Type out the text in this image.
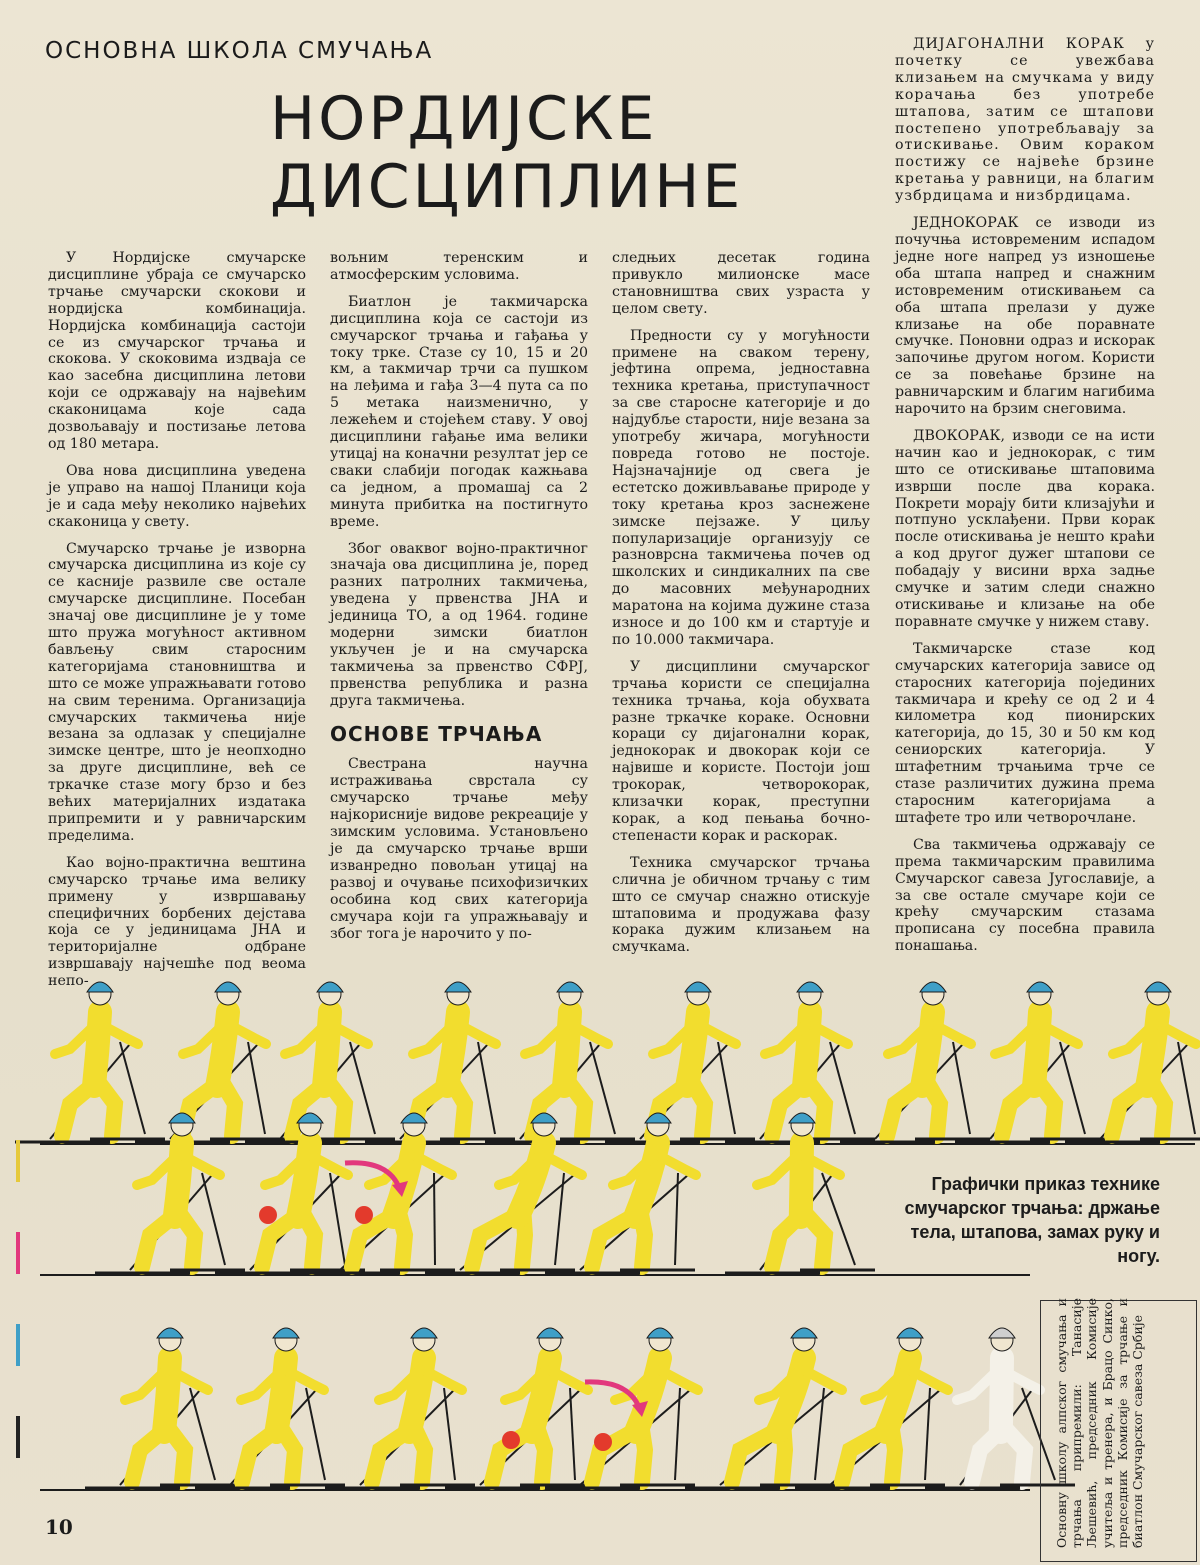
ОСНОВНА ШКОЛА СМУЧАЊА
НОРДИЈСКЕ
ДИСЦИПЛИНЕ

У Нордијске смучарске дисциплине убраја се смучарско трчање смучарски скокови и нордијска комбинација. Нордијска комбинација састоји се из смучарског трчања и скокова. У скоковима издваја се као засебна дисциплина летови који се одржавају на највећим скаконицама које сада дозвољавају и постизање летова од 180 метара.

Ова нова дисциплина уведена је управо на нашој Планици која је и сада међу неколико највећих скаконица у свету.

Смучарско трчање је изворна смучарска дисциплина из које су се касније развиле све остале смучарске дисциплине. Посебан значај ове дисциплине је у томе што пружа могућност активном бављењу свим старосним категоријама становништва и што се може упражњавати готово на свим теренима. Организација смучарских такмичења није везана за одлазак у специјалне зимске центре, што је неопходно за друге дисциплине, већ се тркачке стазе могу брзо и без већих материјалних издатака припремити и у равничарским пределима.

Као војно-практична вештина смучарско трчање има велику примену у извршавању специфичних борбених дејстава која се у јединицама ЈНА и територијалне одбране извршавају најчешће под веома непо-

вољним теренским и атмосферским условима.

Биатлон је такмичарска дисциплина која се састоји из смучарског трчања и гађања у току трке. Стазе су 10, 15 и 20 км, а такмичар трчи са пушком на леђима и гађа 3—4 пута са по 5 метака наизменично, у лежећем и стојећем ставу. У овој дисциплини гађање има велики утицај на коначни резултат јер се сваки слабији погодак кажњава са једном, а промашај са 2 минута прибитка на постигнуто време.

Због оваквог војно-практичног значаја ова дисциплина је, поред разних патролних такмичења, уведена у првенства ЈНА и јединица ТО, а од 1964. године модерни зимски биатлон укључен је и на смучарска такмичења за првенство СФРЈ, првенства република и разна друга такмичења.

ОСНОВЕ ТРЧАЊА

Свестрана научна истраживања сврстала су смучарско трчање међу најкорисније видове рекреације у зимским условима. Установљено је да смучарско трчање врши изванредно повољан утицај на развој и очување психофизичких особина код свих категорија смучара који га упражњавају и због тога је нарочито у по-

следњих десетак година привукло милионске масе становништва свих узраста у целом свету.

Предности су у могућности примене на сваком терену, јефтина опрема, једноставна техника кретања, приступачност за све старосне категорије и до најдубље старости, није везана за употребу жичара, могућности повреда готово не постоје. Најзначајније од свега је естетско доживљавање природе у току кретања кроз заснежене зимске пејзаже. У циљу популаризације организују се разноврсна такмичења почев од школских и синдикалних па све до масовних међународних маратона на којима дужине стаза износе и до 100 км и стартује и по 10.000 такмичара.

У дисциплини смучарског трчања користи се специјална техника трчања, која обухвата разне тркачке кораке. Основни кораци су дијагонални корак, једнокорак и двокорак који се највише и користе. Постоји још трокорак, четворокорак, клизачки корак, преступни корак, а код пењања бочно-степенасти корак и раскорак.

Техника смучарског трчања слична је обичном трчању с тим што се смучар снажно отискује штаповима и продужава фазу корака дужим клизањем на смучкама.

ДИЈАГОНАЛНИ КОРАК у почетку се увежбава клизањем на смучкама у виду корачања без употребе штапова, затим се штапови постепено употребљавају за отискивање. Овим кораком постижу се највеће брзине кретања у равници, на благим узбрдицама и низбрдицама.

ЈЕДНОКОРАК се изводи из почучња истовременим испадом једне ноге напред уз изношење оба штапа напред и снажним истовременим отискивањем са оба штапа прелази у дуже клизање на обе поравнате смучке. Поновни одраз и искорак започиње другом ногом. Користи се за повећање брзине на равничарским и благим нагибима нарочито на брзим снеговима.

ДВОКОРАК, изводи се на исти начин као и једнокорак, с тим што се отискивање штаповима изврши после два корака. Покрети морају бити клизајући и потпуно усклађени. Први корак после отискивања је нешто краћи а код другог дужег штапови се побадају у висини врха задње смучке и затим следи снажно отискивање и клизање на обе поравнате смучке у нижем ставу.

Такмичарске стазе код смучарских категорија зависе од старосних категорија појединих такмичара и крећу се од 2 и 4 километра код пионирских категорија, до 15, 30 и 50 км код сениорских категорија. У штафетним трчањима трче се стазе различитих дужина према старосним категоријама а штафете тро или четворочлане.

Сва такмичења одржавају се према такмичарским правилима Смучарског савеза Југославије, а за све остале смучаре који се крећу смучарским стазама прописана су посебна правила понашања.

Графички приказ технике смучарског трчања: држање тела, штапова, замах руку и ногу.
Основну школу алпског смучања и трчања припремили: Танасије Љешевић, председник Комисије учитеља и тренера, и Брацо Синко, председник Комисије за трчање и биатлон Смучарског савеза Србије
10
